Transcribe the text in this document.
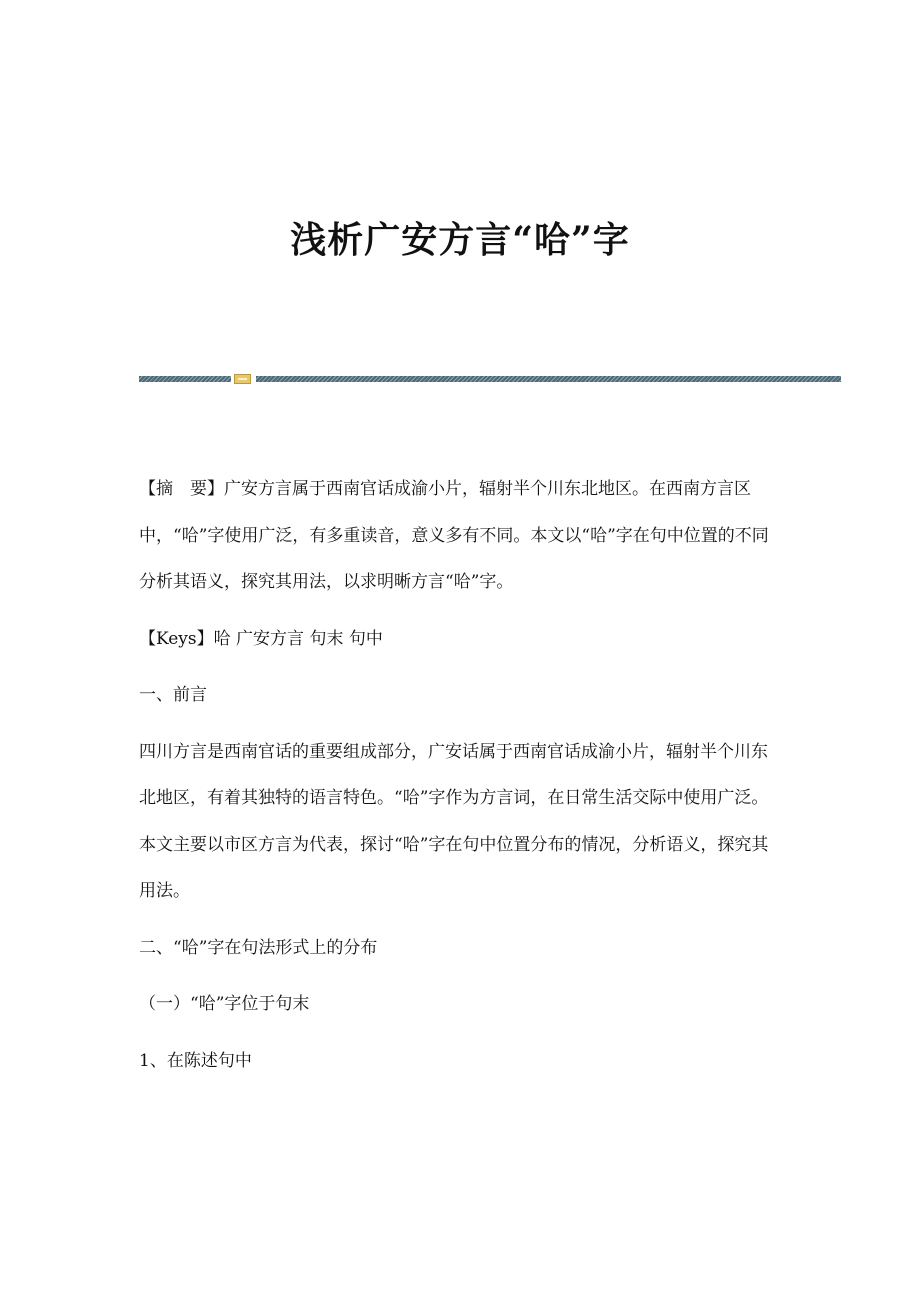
浅析广安方言“哈”字

【摘　要】广安方言属于西南官话成渝小片，辐射半个川东北地区。在西南方言区中，“哈”字使用广泛，有多重读音，意义多有不同。本文以“哈”字在句中位置的不同分析其语义，探究其用法，以求明晰方言“哈”字。

【Keys】哈 广安方言 句末 句中

一、前言

四川方言是西南官话的重要组成部分，广安话属于西南官话成渝小片，辐射半个川东北地区，有着其独特的语言特色。“哈”字作为方言词，在日常生活交际中使用广泛。本文主要以市区方言为代表，探讨“哈”字在句中位置分布的情况，分析语义，探究其用法。

二、“哈”字在句法形式上的分布

（一）“哈”字位于句末

1、在陈述句中
